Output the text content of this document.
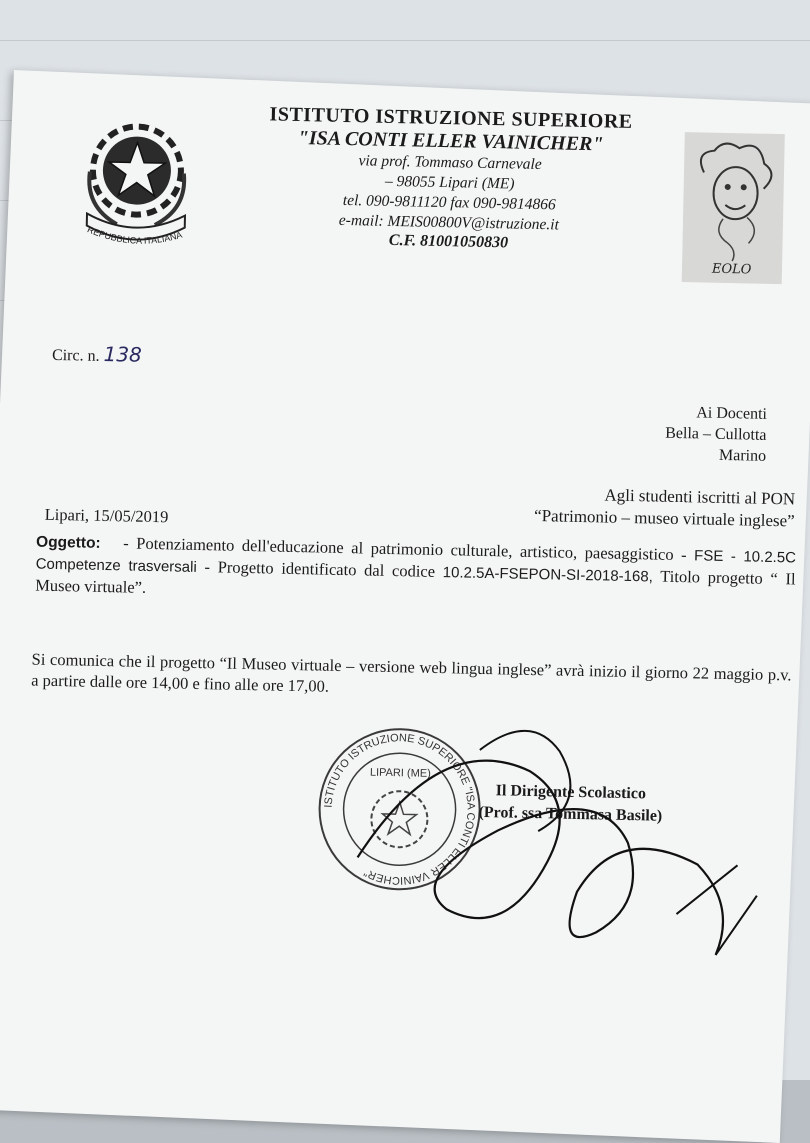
REPUBBLICA ITALIANA
ISTITUTO ISTRUZIONE SUPERIORE
"ISA CONTI ELLER VAINICHER"
via prof. Tommaso Carnevale
– 98055 Lipari (ME)
tel. 090-9811120 fax 090-9814866
e-mail: MEIS00800V@istruzione.it
C.F. 81001050830
EOLO
Circ. n. 138
Ai Docenti
Bella – Cullotta
Marino
Agli studenti iscritti al PON
“Patrimonio – museo virtuale inglese”
Lipari, 15/05/2019
Oggetto: - Potenziamento dell'educazione al patrimonio culturale, artistico, paesaggistico - FSE - 10.2.5C Competenze trasversali - Progetto identificato dal codice 10.2.5A-FSEPON-SI-2018-168, Titolo progetto “ Il Museo virtuale”.
Si comunica che il progetto “Il Museo virtuale – versione web lingua inglese” avrà inizio il giorno 22 maggio p.v. a partire dalle ore 14,00 e fino alle ore 17,00.
ISTITUTO ISTRUZIONE SUPERIORE "ISA CONTI ELLER VAINICHER"
LIPARI (ME)
Il Dirigente Scolastico
(Prof. ssa Tommasa Basile)
